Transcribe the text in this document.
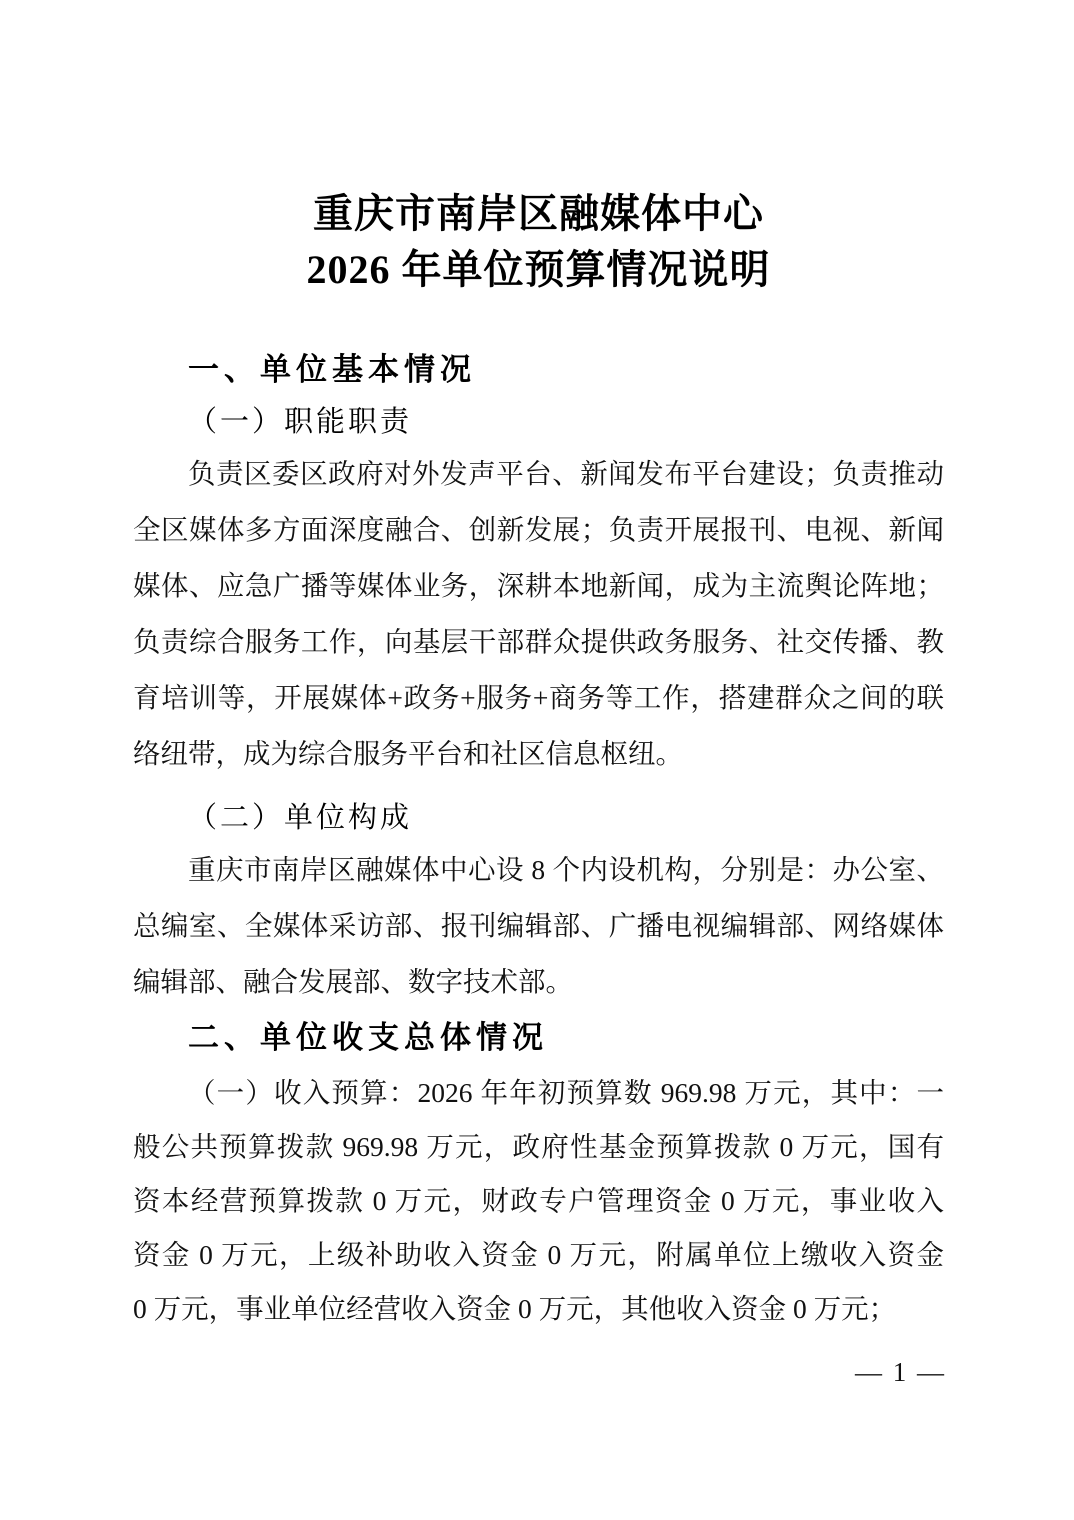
重庆市南岸区融媒体中心
2026 年单位预算情况说明
一、单位基本情况
（一）职能职责
负责区委区政府对外发声平台、新闻发布平台建设；负责推动
全区媒体多方面深度融合、创新发展；负责开展报刊、电视、新闻
媒体、应急广播等媒体业务，深耕本地新闻，成为主流舆论阵地；
负责综合服务工作，向基层干部群众提供政务服务、社交传播、教
育培训等，开展媒体+政务+服务+商务等工作，搭建群众之间的联
络纽带，成为综合服务平台和社区信息枢纽。
（二）单位构成
重庆市南岸区融媒体中心设 8 个内设机构，分别是：办公室、
总编室、全媒体采访部、报刊编辑部、广播电视编辑部、网络媒体
编辑部、融合发展部、数字技术部。
二、单位收支总体情况
（一）收入预算：2026 年年初预算数 969.98 万元，其中：一
般公共预算拨款 969.98 万元，政府性基金预算拨款 0 万元，国有
资本经营预算拨款 0 万元，财政专户管理资金 0 万元，事业收入
资金 0 万元，上级补助收入资金 0 万元，附属单位上缴收入资金
0 万元，事业单位经营收入资金 0 万元，其他收入资金 0 万元；
— 1 —
